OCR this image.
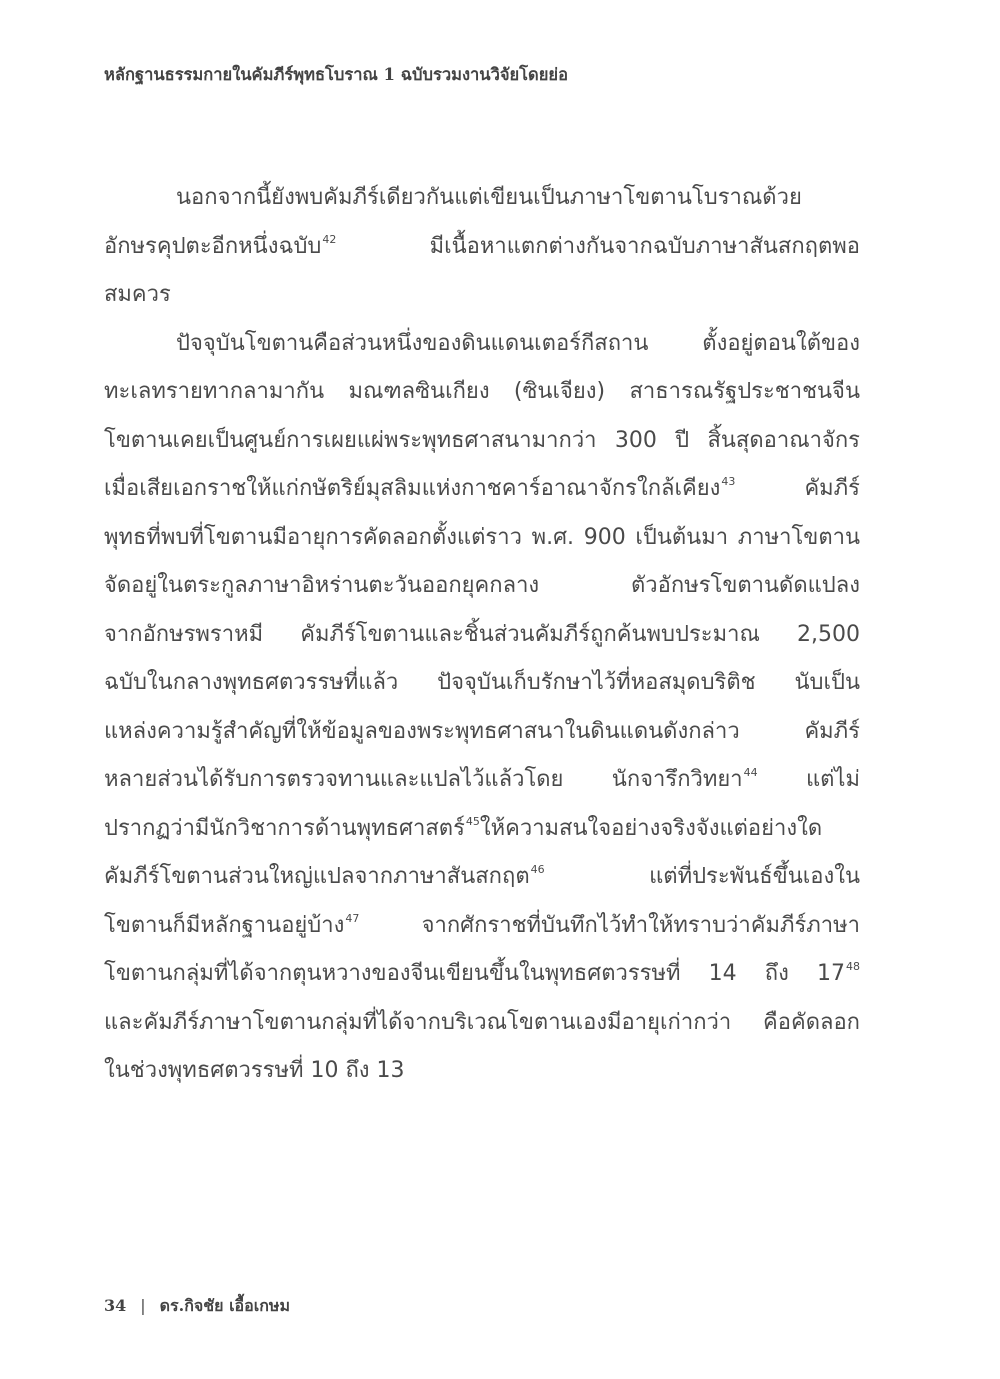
หลักฐานธรรมกายในคัมภีร์พุทธโบราณ 1 ฉบับรวมงานวิจัยโดยย่อ
นอกจากนี้ยังพบคัมภีร์เดียวกันแต่เขียนเป็นภาษาโขตานโบราณด้วย
อักษรคุปตะอีกหนึ่งฉบับ$^{42}$ มีเนื้อหาแตกต่างกันจากฉบับภาษาสันสกฤตพอ
สมควร
ปัจจุบันโขตานคือส่วนหนึ่งของดินแดนเตอร์กีสถาน ตั้งอยู่ตอนใต้ของ
ทะเลทรายทากลามากัน มณฑลซินเกียง (ซินเจียง) สาธารณรัฐประชาชนจีน
โขตานเคยเป็นศูนย์การเผยแผ่พระพุทธศาสนามากว่า 300 ปี สิ้นสุดอาณาจักร
เมื่อเสียเอกราชให้แก่กษัตริย์มุสลิมแห่งกาชคาร์อาณาจักรใกล้เคียง$^{43}$ คัมภีร์
พุทธที่พบที่โขตานมีอายุการคัดลอกตั้งแต่ราว พ.ศ. 900 เป็นต้นมา ภาษาโขตาน
จัดอยู่ในตระกูลภาษาอิหร่านตะวันออกยุคกลาง ตัวอักษรโขตานดัดแปลง
จากอักษรพราหมี คัมภีร์โขตานและชิ้นส่วนคัมภีร์ถูกค้นพบประมาณ 2,500
ฉบับในกลางพุทธศตวรรษที่แล้ว ปัจจุบันเก็บรักษาไว้ที่หอสมุดบริติช นับเป็น
แหล่งความรู้สำคัญที่ให้ข้อมูลของพระพุทธศาสนาในดินแดนดังกล่าว คัมภีร์
หลายส่วนได้รับการตรวจทานและแปลไว้แล้วโดย นักจารึกวิทยา$^{44}$ แต่ไม่
ปรากฏว่ามีนักวิชาการด้านพุทธศาสตร์$^{45}$ให้ความสนใจอย่างจริงจังแต่อย่างใด
คัมภีร์โขตานส่วนใหญ่แปลจากภาษาสันสกฤต$^{46}$ แต่ที่ประพันธ์ขึ้นเองใน
โขตานก็มีหลักฐานอยู่บ้าง$^{47}$ จากศักราชที่บันทึกไว้ทำให้ทราบว่าคัมภีร์ภาษา
โขตานกลุ่มที่ได้จากตุนหวางของจีนเขียนขึ้นในพุทธศตวรรษที่ 14 ถึง 17$^{48}$
และคัมภีร์ภาษาโขตานกลุ่มที่ได้จากบริเวณโขตานเองมีอายุเก่ากว่า คือคัดลอก
ในช่วงพุทธศตวรรษที่ 10 ถึง 13
34 | ดร.กิจชัย เอื้อเกษม
